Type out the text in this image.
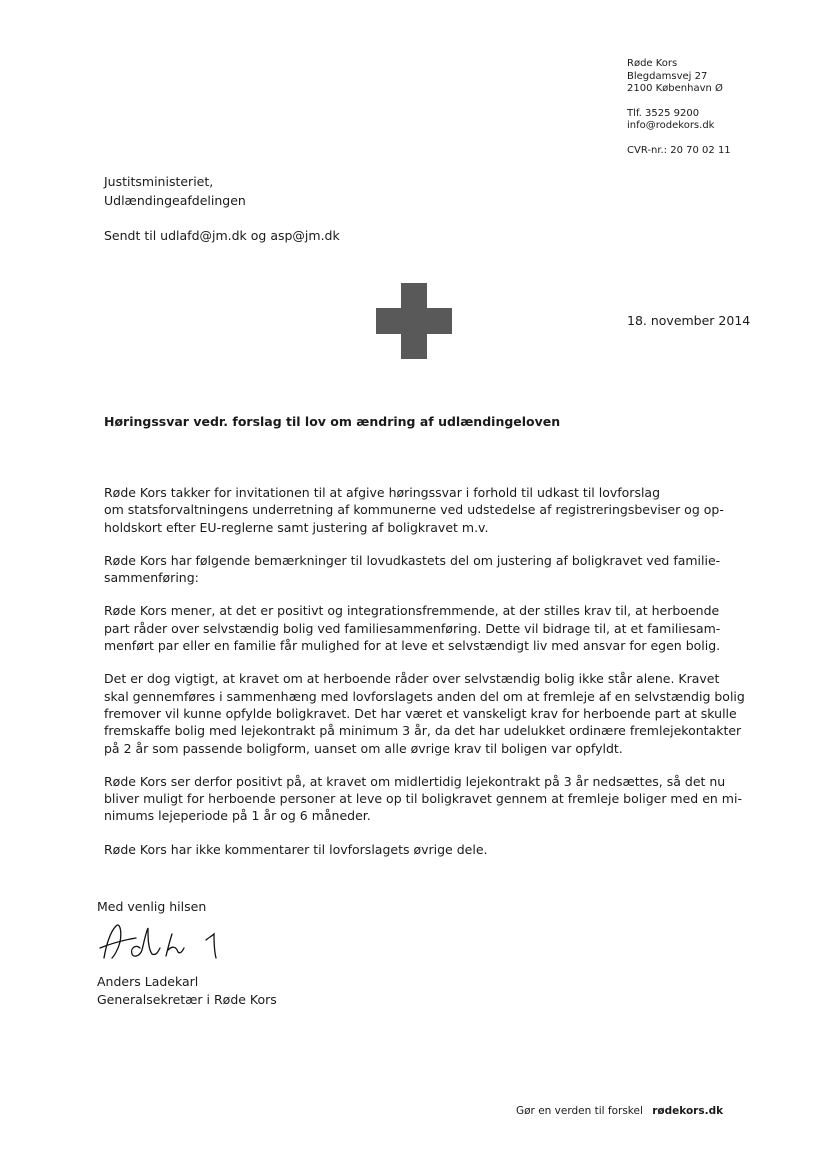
Røde Kors
Blegdamsvej 27
2100 København Ø
Tlf. 3525 9200
info@rodekors.dk
CVR-nr.: 20 70 02 11
Justitsministeriet,
Udlændingeafdelingen
Sendt til udlafd@jm.dk og asp@jm.dk
18. november 2014
Høringssvar vedr. forslag til lov om ændring af udlændingeloven

Røde Kors takker for invitationen til at afgive høringssvar i forhold til udkast til lovforslag
om statsforvaltningens underretning af kommunerne ved udstedelse af registreringsbeviser og op-
holdskort efter EU-reglerne samt justering af boligkravet m.v.

Røde Kors har følgende bemærkninger til lovudkastets del om justering af boligkravet ved familie-
sammenføring:

Røde Kors mener, at det er positivt og integrationsfremmende, at der stilles krav til, at herboende
part råder over selvstændig bolig ved familiesammenføring. Dette vil bidrage til, at et familiesam-
menført par eller en familie får mulighed for at leve et selvstændigt liv med ansvar for egen bolig.

Det er dog vigtigt, at kravet om at herboende råder over selvstændig bolig ikke står alene. Kravet
skal gennemføres i sammenhæng med lovforslagets anden del om at fremleje af en selvstændig bolig
fremover vil kunne opfylde boligkravet. Det har været et vanskeligt krav for herboende part at skulle
fremskaffe bolig med lejekontrakt på minimum 3 år, da det har udelukket ordinære fremlejekontakter
på 2 år som passende boligform, uanset om alle øvrige krav til boligen var opfyldt.

Røde Kors ser derfor positivt på, at kravet om midlertidig lejekontrakt på 3 år nedsættes, så det nu
bliver muligt for herboende personer at leve op til boligkravet gennem at fremleje boliger med en mi-
nimums lejeperiode på 1 år og 6 måneder.

Røde Kors har ikke kommentarer til lovforslagets øvrige dele.

Med venlig hilsen
Anders Ladekarl
Generalsekretær i Røde Kors
Gør en verden til forskel rødekors.dk
